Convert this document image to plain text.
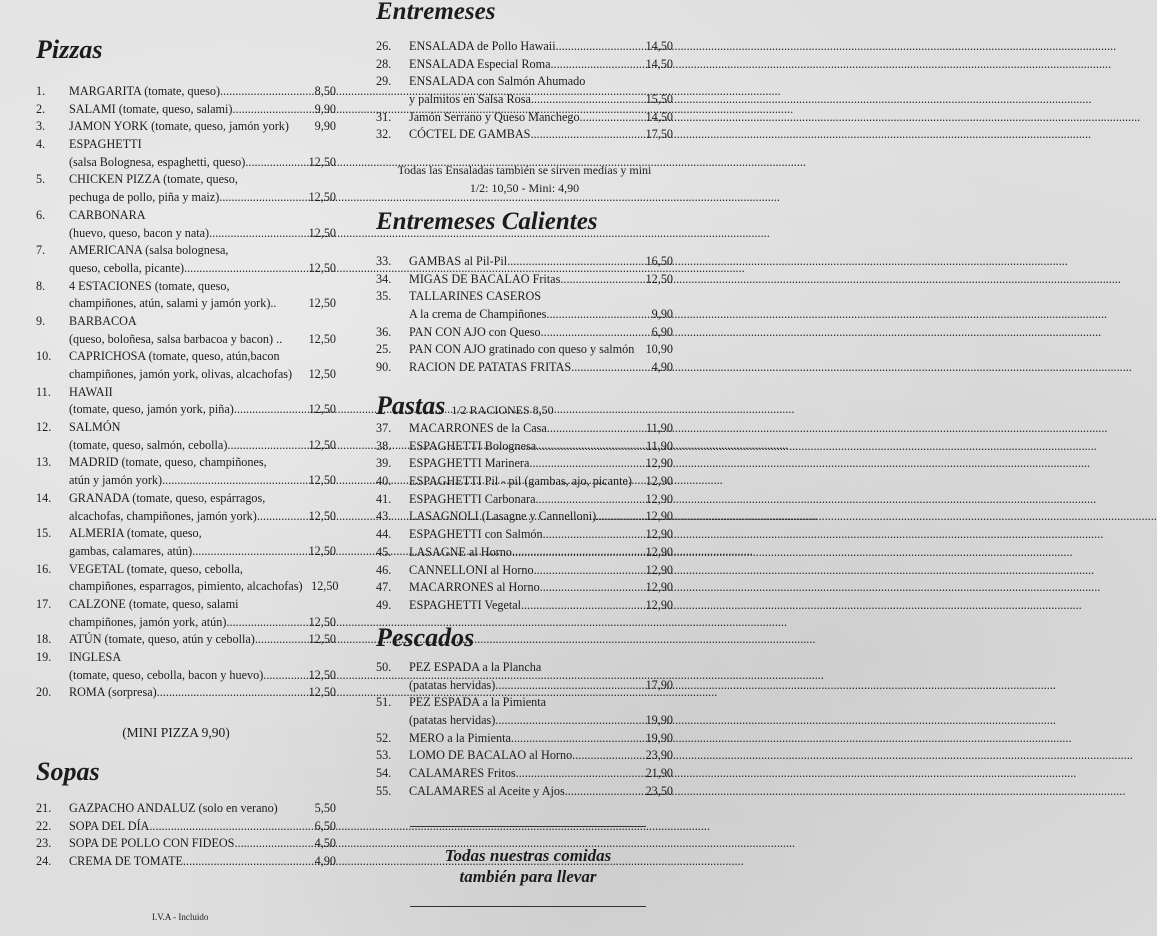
Pizzas
1. MARGARITA (tomate, queso) .....	8,50
2. SALAMI (tomate, queso, salami) .....	9,90
3. JAMON YORK (tomate, queso, jamón york)	9,90
4. ESPAGHETTI
(salsa Bolognesa, espaghetti, queso) .....	12,50
5. CHICKEN PIZZA (tomate, queso,
pechuga de pollo, piña y maiz) .....	12,50
6. CARBONARA
(huevo, queso, bacon y nata) .....	12,50
7. AMERICANA (salsa bolognesa,
queso, cebolla, picante) .....	12,50
8. 4 ESTACIONES (tomate, queso,
champiñones, atún, salami y jamón york)..	12,50
9. BARBACOA
(queso, boloñesa, salsa barbacoa y bacon) ..	12,50
10. CAPRICHOSA (tomate, queso, atún,bacon
champiñones, jamón york, olivas, alcachofas)	12,50
11. HAWAII
(tomate, queso, jamón york, piña) .....	12,50
12. SALMÓN
(tomate, queso, salmón, cebolla) .....	12,50
13. MADRID (tomate, queso, champiñones,
atún y jamón york) .....	12,50
14. GRANADA (tomate, queso, espárragos,
alcachofas, champiñones, jamón york) .....	12,50
15. ALMERIA (tomate, queso,
gambas, calamares, atún) .....	12,50
16. VEGETAL (tomate, queso, cebolla,
champiñones, esparragos, pimiento, alcachofas) 12,50
17. CALZONE (tomate, queso, salami
champiñones, jamón york, atún) .....	12,50
18. ATÚN (tomate, queso, atún y cebolla) .....	12,50
19. INGLESA
(tomate, queso, cebolla, bacon y huevo) .....	12,50
20. ROMA (sorpresa) .....	12,50
(MINI PIZZA 9,90)
Sopas
21. GAZPACHO ANDALUZ (solo en verano)	5,50
22. SOPA DEL DÍA .....	6,50
23. SOPA DE POLLO CON FIDEOS .....	4,50
24. CREMA DE TOMATE .....	4,90
I.V.A - Incluido
Entremeses
26. ENSALADA de Pollo Hawaii .....	14,50
28. ENSALADA Especial Roma .....	14,50
29. ENSALADA con Salmón Ahumado
y palmitos en Salsa Rosa .....	15,50
31. Jamón Serrano y Queso Manchego .....	14,50
32. CÓCTEL DE GAMBAS .....	17,50
Todas las Ensaladas también se sirven medias y mini
1/2: 10,50 - Mini: 4,90
Entremeses Calientes
33. GAMBAS al Pil-Pil .....	16,50
34. MIGAS DE BACALAO Fritas .....	12,50
35. TALLARINES CASEROS
A la crema de Champiñones .....	9,90
36. PAN CON AJO con Queso .....	6,90
25. PAN CON AJO gratinado con queso y salmón 10,90
90. RACION DE PATATAS FRITAS .....	4,90
Pastas 1/2 RACIONES 8,50
37. MACARRONES de la Casa .....	11,90
38. ESPAGHETTI Bolognesa .....	11,90
39. ESPAGHETTI Marinera .....	12,90
40. ESPAGHETTI Pil - pil (gambas, ajo, picante) 12,90
41. ESPAGHETTI Carbonara .....	12,90
43. LASAGNOLI (Lasagne y Cannelloni) .....	12,90
44. ESPAGHETTI con Salmón .....	12,90
45. LASAGNE al Horno .....	12,90
46. CANNELLONI al Horno .....	12,90
47. MACARRONES al Horno .....	12,90
49. ESPAGHETTI Vegetal .....	12,90
Pescados
50. PEZ ESPADA a la Plancha
(patatas hervidas) .....	17,90
51. PEZ ESPADA a la Pimienta
(patatas hervidas) .....	19,90
52. MERO a la Pimienta .....	19,90
53. LOMO DE BACALAO al Horno .....	23,90
54. CALAMARES Fritos .....	21,90
55. CALAMARES al Aceite y Ajos .....	23,50
Todas nuestras comidas
también para llevar
